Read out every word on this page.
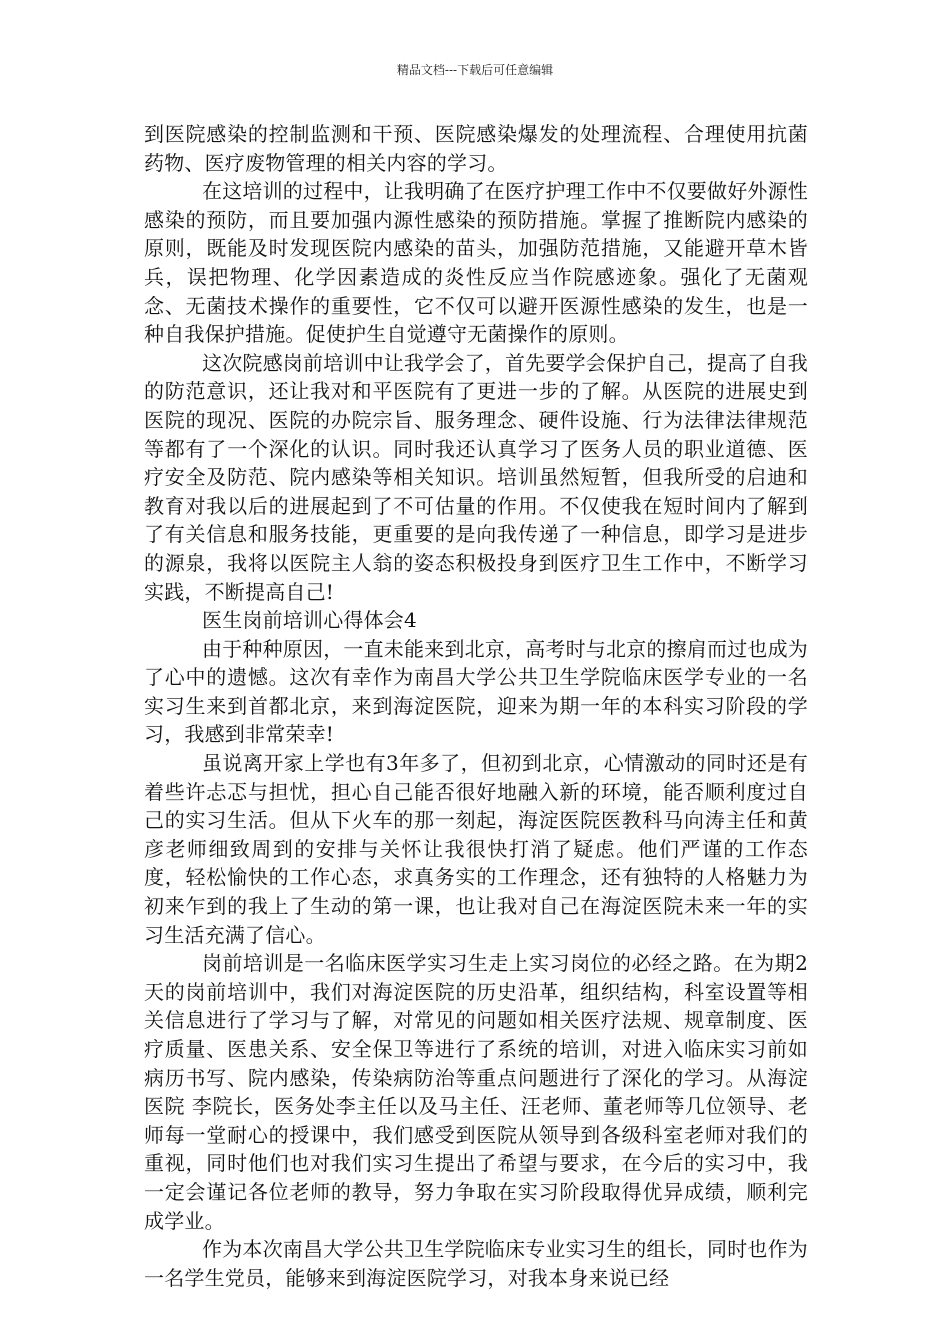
精品文档---下载后可任意编辑

到医院感染的控制监测和干预、医院感染爆发的处理流程、合理使用抗菌药物、医疗废物管理的相关内容的学习。

在这培训的过程中，让我明确了在医疗护理工作中不仅要做好外源性感染的预防，而且要加强内源性感染的预防措施。掌握了推断院内感染的原则，既能及时发现医院内感染的苗头，加强防范措施，又能避开草木皆兵，误把物理、化学因素造成的炎性反应当作院感迹象。强化了无菌观念、无菌技术操作的重要性，它不仅可以避开医源性感染的发生，也是一种自我保护措施。促使护生自觉遵守无菌操作的原则。

这次院感岗前培训中让我学会了，首先要学会保护自己，提高了自我的防范意识，还让我对和平医院有了更进一步的了解。从医院的进展史到医院的现况、医院的办院宗旨、服务理念、硬件设施、行为法律法律规范等都有了一个深化的认识。同时我还认真学习了医务人员的职业道德、医疗安全及防范、院内感染等相关知识。培训虽然短暂，但我所受的启迪和教育对我以后的进展起到了不可估量的作用。不仅使我在短时间内了解到了有关信息和服务技能，更重要的是向我传递了一种信息，即学习是进步的源泉，我将以医院主人翁的姿态积极投身到医疗卫生工作中，不断学习实践，不断提高自己!

医生岗前培训心得体会4

由于种种原因，一直未能来到北京，高考时与北京的擦肩而过也成为了心中的遗憾。这次有幸作为南昌大学公共卫生学院临床医学专业的一名实习生来到首都北京，来到海淀医院，迎来为期一年的本科实习阶段的学习，我感到非常荣幸!

虽说离开家上学也有3年多了，但初到北京，心情激动的同时还是有着些许忐忑与担忧，担心自己能否很好地融入新的环境，能否顺利度过自己的实习生活。但从下火车的那一刻起，海淀医院医教科马向涛主任和黄彦老师细致周到的安排与关怀让我很快打消了疑虑。他们严谨的工作态度，轻松愉快的工作心态，求真务实的工作理念，还有独特的人格魅力为初来乍到的我上了生动的第一课，也让我对自己在海淀医院未来一年的实习生活充满了信心。

岗前培训是一名临床医学实习生走上实习岗位的必经之路。在为期2天的岗前培训中，我们对海淀医院的历史沿革，组织结构，科室设置等相关信息进行了学习与了解，对常见的问题如相关医疗法规、规章制度、医疗质量、医患关系、安全保卫等进行了系统的培训，对进入临床实习前如病历书写、院内感染，传染病防治等重点问题进行了深化的学习。从海淀医院 李院长，医务处李主任以及马主任、汪老师、董老师等几位领导、老师每一堂耐心的授课中，我们感受到医院从领导到各级科室老师对我们的重视，同时他们也对我们实习生提出了希望与要求，在今后的实习中，我一定会谨记各位老师的教导，努力争取在实习阶段取得优异成绩，顺利完成学业。

作为本次南昌大学公共卫生学院临床专业实习生的组长，同时也作为一名学生党员，能够来到海淀医院学习，对我本身来说已经
